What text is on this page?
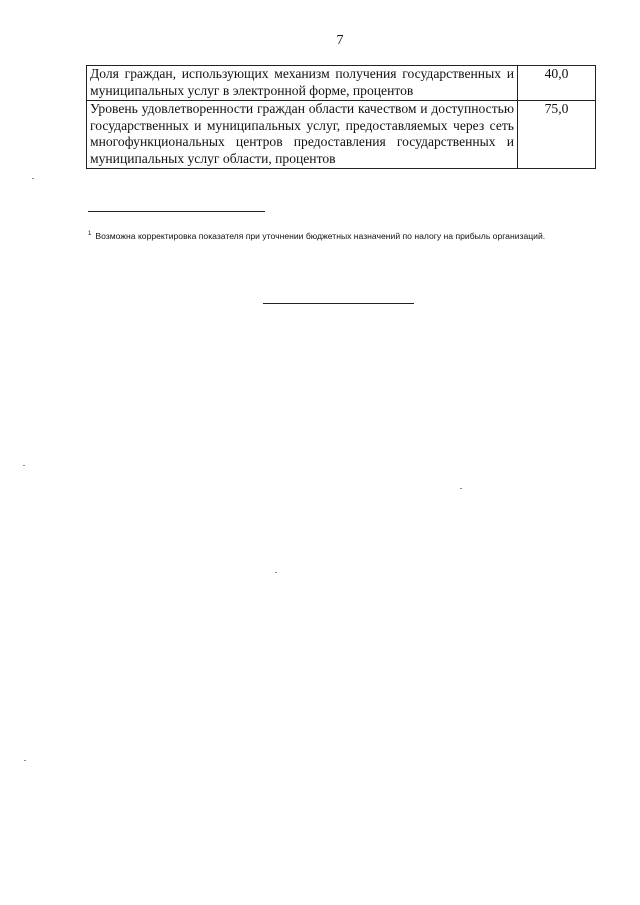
7
Доля граждан, использующих механизм получения государственных и муниципальных услуг в электронной форме, процентов	40,0
Уровень удовлетворенности граждан области качеством и доступностью государственных и муниципальных услуг, предоставляемых через сеть многофункциональных центров предоставления государственных и муниципальных услуг области, процентов	75,0
$^1$ Возможна корректировка показателя при уточнении бюджетных назначений по налогу на прибыль организаций.
